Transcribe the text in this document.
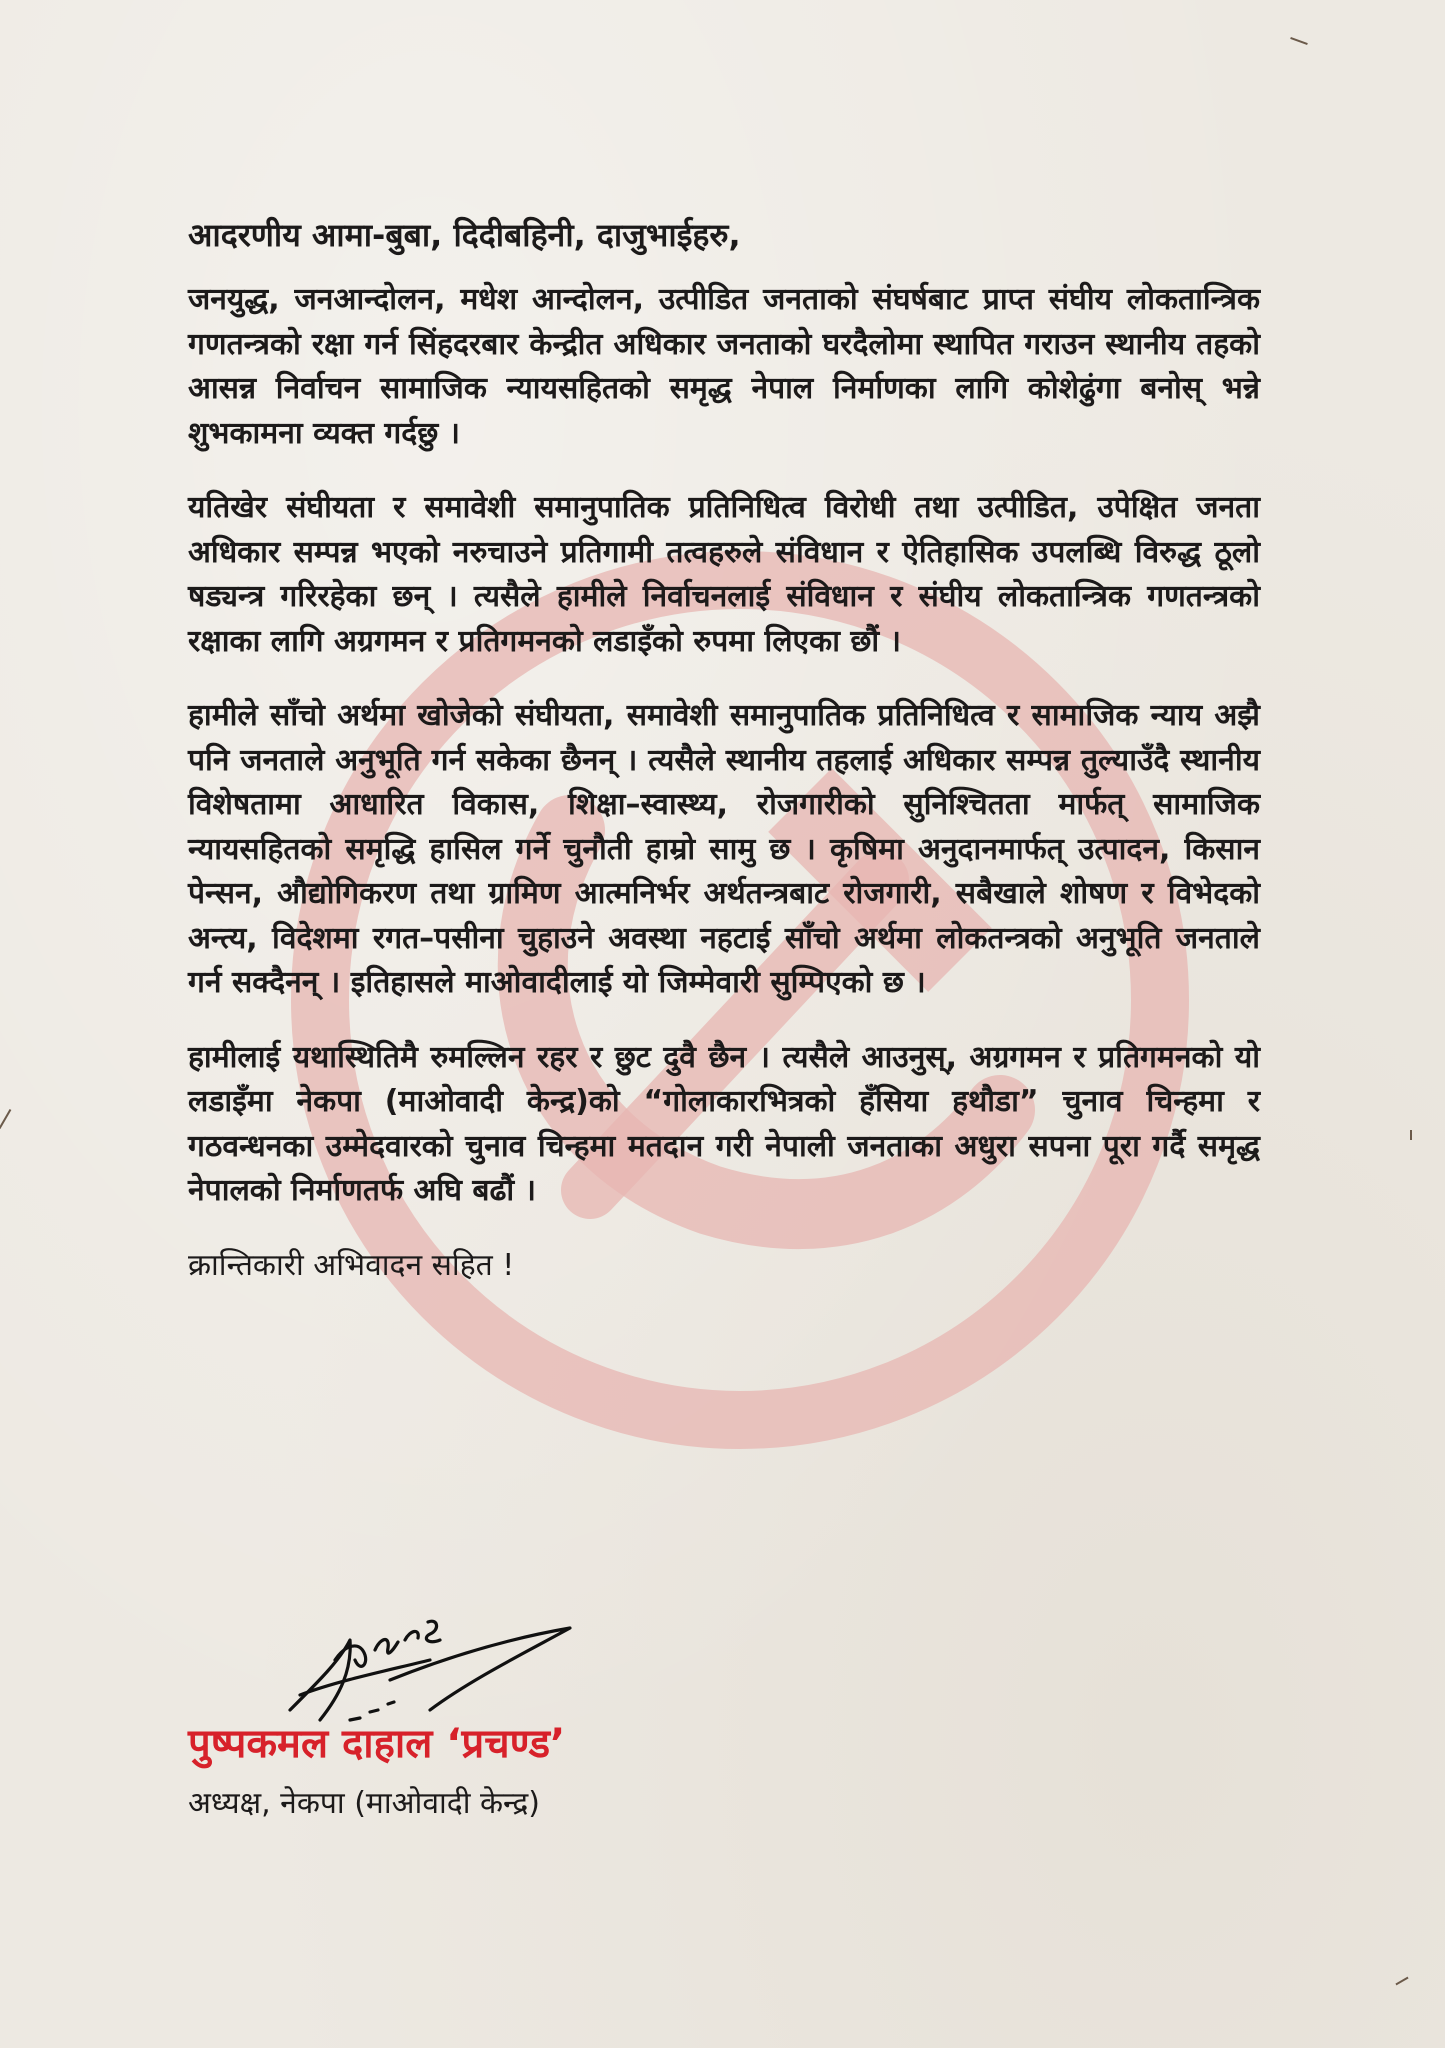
आदरणीय आमा-बुबा, दिदीबहिनी, दाजुभाईहरु,

जनयुद्ध, जनआन्दोलन, मधेश आन्दोलन, उत्पीडित जनताको संघर्षबाट प्राप्त संघीय लोकतान्त्रिक गणतन्त्रको रक्षा गर्न सिंहदरबार केन्द्रीत अधिकार जनताको घरदैलोमा स्थापित गराउन स्थानीय तहको आसन्न निर्वाचन सामाजिक न्यायसहितको समृद्ध नेपाल निर्माणका लागि कोशेढुंगा बनोस् भन्ने शुभकामना व्यक्त गर्दछु ।

यतिखेर संघीयता र समावेशी समानुपातिक प्रतिनिधित्व विरोधी तथा उत्पीडित, उपेक्षित जनता अधिकार सम्पन्न भएको नरुचाउने प्रतिगामी तत्वहरुले संविधान र ऐतिहासिक उपलब्धि विरुद्ध ठूलो षड्यन्त्र गरिरहेका छन् । त्यसैले हामीले निर्वाचनलाई संविधान र संघीय लोकतान्त्रिक गणतन्त्रको रक्षाका लागि अग्रगमन र प्रतिगमनको लडाइँको रुपमा लिएका छौं ।

हामीले साँचो अर्थमा खोजेको संघीयता, समावेशी समानुपातिक प्रतिनिधित्व र सामाजिक न्याय अझै पनि जनताले अनुभूति गर्न सकेका छैनन् । त्यसैले स्थानीय तहलाई अधिकार सम्पन्न तुल्याउँदै स्थानीय विशेषतामा आधारित विकास, शिक्षा–स्वास्थ्य, रोजगारीको सुनिश्चितता मार्फत् सामाजिक न्यायसहितको समृद्धि हासिल गर्ने चुनौती हाम्रो सामु छ । कृषिमा अनुदानमार्फत् उत्पादन, किसान पेन्सन, औद्योगिकरण तथा ग्रामिण आत्मनिर्भर अर्थतन्त्रबाट रोजगारी, सबैखाले शोषण र विभेदको अन्त्य, विदेशमा रगत–पसीना चुहाउने अवस्था नहटाई साँचो अर्थमा लोकतन्त्रको अनुभूति जनताले गर्न सक्दैनन् । इतिहासले माओवादीलाई यो जिम्मेवारी सुम्पिएको छ ।

हामीलाई यथास्थितिमै रुमल्लिन रहर र छुट दुवै छैन । त्यसैले आउनुस्, अग्रगमन र प्रतिगमनको यो लडाइँमा नेकपा (माओवादी केन्द्र)को “गोलाकारभित्रको हँसिया हथौडा” चुनाव चिन्हमा र गठवन्धनका उम्मेदवारको चुनाव चिन्हमा मतदान गरी नेपाली जनताका अधुरा सपना पूरा गर्दै समृद्ध नेपालको निर्माणतर्फ अघि बढौं ।

क्रान्तिकारी अभिवादन सहित !

पुष्पकमल दाहाल ‘प्रचण्ड’

अध्यक्ष, नेकपा (माओवादी केन्द्र)
